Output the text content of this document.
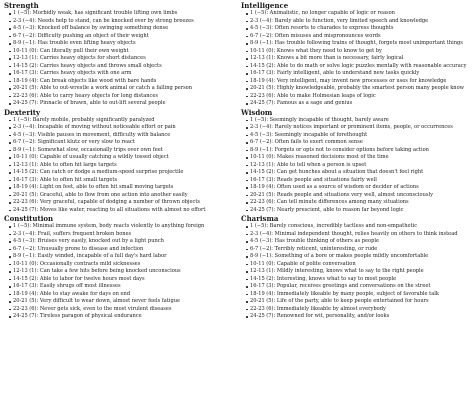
Strength
1 (−5): Morbidly weak, has significant trouble lifting own limbs
2-3 (−4): Needs help to stand, can be knocked over by strong breezes
4-5 (−3): Knocked off balance by swinging something dense
6-7 (−2): Difficulty pushing an object of their weight
8-9 (−1): Has trouble even lifting heavy objects
10-11 (0): Can literally pull their own weight
12-13 (1): Carries heavy objects for short distances
14-15 (2): Carries heavy objects and throws small objects
16-17 (3): Carries heavy objects with one arm
18-19 (4): Can break objects like wood with bare hands
20-21 (5): Able to out-wrestle a work animal or catch a falling person
22-23 (6): Able to carry heavy objects for long distances
24-25 (7): Pinnacle of brawn, able to out-lift several people
Dexterity
1 (−5): Barely mobile, probably significantly paralyzed
2-3 (−4): Incapable of moving without noticeable effort or pain
4-5 (−3): Visible pauses in movement, difficulty with balance
6-7 (−2): Significant klutz or very slow to react
8-9 (−1): Somewhat slow, occasionally trips over own feet
10-11 (0): Capable of usually catching a wildly tossed object
12-13 (1): Able to often hit large targets
14-15 (2): Can catch or dodge a medium-speed surprise projectile
16-17 (3): Able to often hit small targets
18-19 (4): Light on feet, able to often hit small moving targets
20-21 (5): Graceful, able to flow from one action into another easily
22-23 (6): Very graceful, capable of dodging a number of thrown objects
24-25 (7): Moves like water, reacting to all situations with almost no effort
Constitution
1 (−5): Minimal immune system, body reacts violently to anything foreign
2-3 (−4): Frail, suffers frequent broken bones
4-5 (−3): Bruises very easily, knocked out by a light punch
6-7 (−2): Unusually prone to disease and infection
8-9 (−1): Easily winded, incapable of a full day's hard labor
10-11 (0): Occasionally contracts mild sicknesses
12-13 (1): Can take a few hits before being knocked unconscious
14-15 (2): Able to labor for twelve hours most days
16-17 (3): Easily shrugs off most illnesses
18-19 (4): Able to stay awake for days on end
20-21 (5): Very difficult to wear down, almost never feels fatigue
22-23 (6): Never gets sick, even to the most virulent diseases
24-25 (7): Tireless paragon of physical endurance
Intelligence
1 (−5): Animalistic, no longer capable of logic or reason
2-3 (−4): Barely able to function, very limited speech and knowledge
4-5 (−3): Often resorts to charades to express thoughts
6-7 (−2): Often misuses and mispronounces words
8-9 (−1): Has trouble following trains of thought, forgets most unimportant things
10-11 (0): Knows what they need to know to get by
12-13 (1): Knows a bit more than is necessary, fairly logical
14-15 (2): Able to do math or solve logic puzzles mentally with reasonable accuracy
16-17 (3): Fairly intelligent, able to understand new tasks quickly
18-19 (4): Very intelligent, may invent new processes or uses for knowledge
20-21 (5): Highly knowledgeable, probably the smartest person many people know
22-23 (6): Able to make Holmesian leaps of logic
24-25 (7): Famous as a sage and genius
Wisdom
1 (−5): Seemingly incapable of thought, barely aware
2-3 (−4): Rarely notices important or prominent items, people, or occurrences
4-5 (−3): Seemingly incapable of forethought
6-7 (−2): Often fails to exert common sense
8-9 (−1): Forgets or opts not to consider options before taking action
10-11 (0): Makes reasoned decisions most of the time
12-13 (1): Able to tell when a person is upset
14-15 (2): Can get hunches about a situation that doesn't feel right
16-17 (3): Reads people and situations fairly well
18-19 (4): Often used as a source of wisdom or decider of actions
20-21 (5): Reads people and situations very well, almost unconsciously
22-23 (6): Can tell minute differences among many situations
24-25 (7): Nearly prescient, able to reason far beyond logic
Charisma
1 (−5): Barely conscious, incredibly tactless and non-empathetic
2-3 (−4): Minimal independent thought, relies heavily on others to think instead
4-5 (−3): Has trouble thinking of others as people
6-7 (−2): Terribly reticent, uninteresting, or rude
8-9 (−1): Something of a bore or makes people mildly uncomfortable
10-11 (0): Capable of polite conversation
12-13 (1): Mildly interesting, knows what to say to the right people
14-15 (2): Interesting, knows what to say to most people
16-17 (3): Popular, receives greetings and conversations on the street
18-19 (4): Immediately likeable by many people, subject of favorable talk
20-21 (5): Life of the party, able to keep people entertained for hours
22-23 (6): Immediately likeable by almost everybody
24-25 (7): Renowned for wit, personality, and/or looks
